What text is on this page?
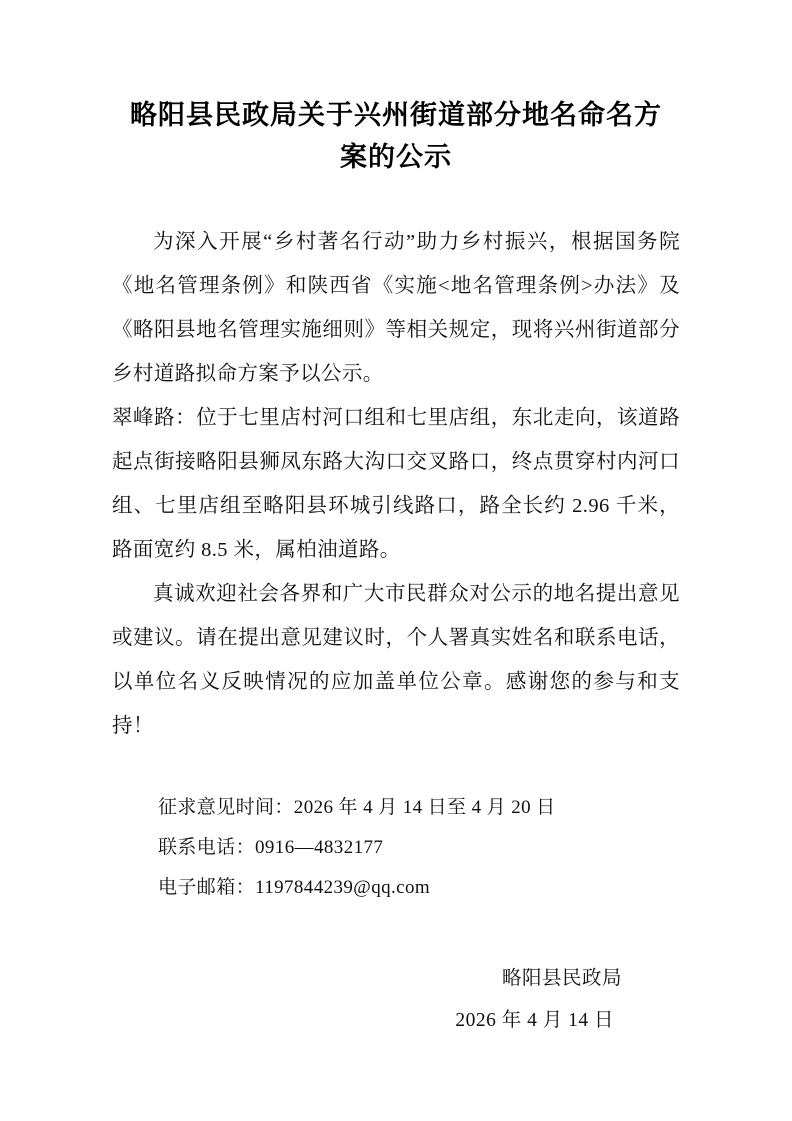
略阳县民政局关于兴州街道部分地名命名方案的公示

为深入开展“乡村著名行动”助力乡村振兴，根据国务院《地名管理条例》和陕西省《实施<地名管理条例>办法》及《略阳县地名管理实施细则》等相关规定，现将兴州街道部分乡村道路拟命方案予以公示。

翠峰路：位于七里店村河口组和七里店组，东北走向，该道路起点街接略阳县狮凤东路大沟口交叉路口，终点贯穿村内河口组、七里店组至略阳县环城引线路口，路全长约 2.96 千米，路面宽约 8.5 米，属柏油道路。

真诚欢迎社会各界和广大市民群众对公示的地名提出意见或建议。请在提出意见建议时，个人署真实姓名和联系电话，以单位名义反映情况的应加盖单位公章。感谢您的参与和支持！

征求意见时间：2026 年 4 月 14 日至 4 月 20 日
联系电话：0916—4832177
电子邮箱：1197844239@qq.com
略阳县民政局
2026 年 4 月 14 日
